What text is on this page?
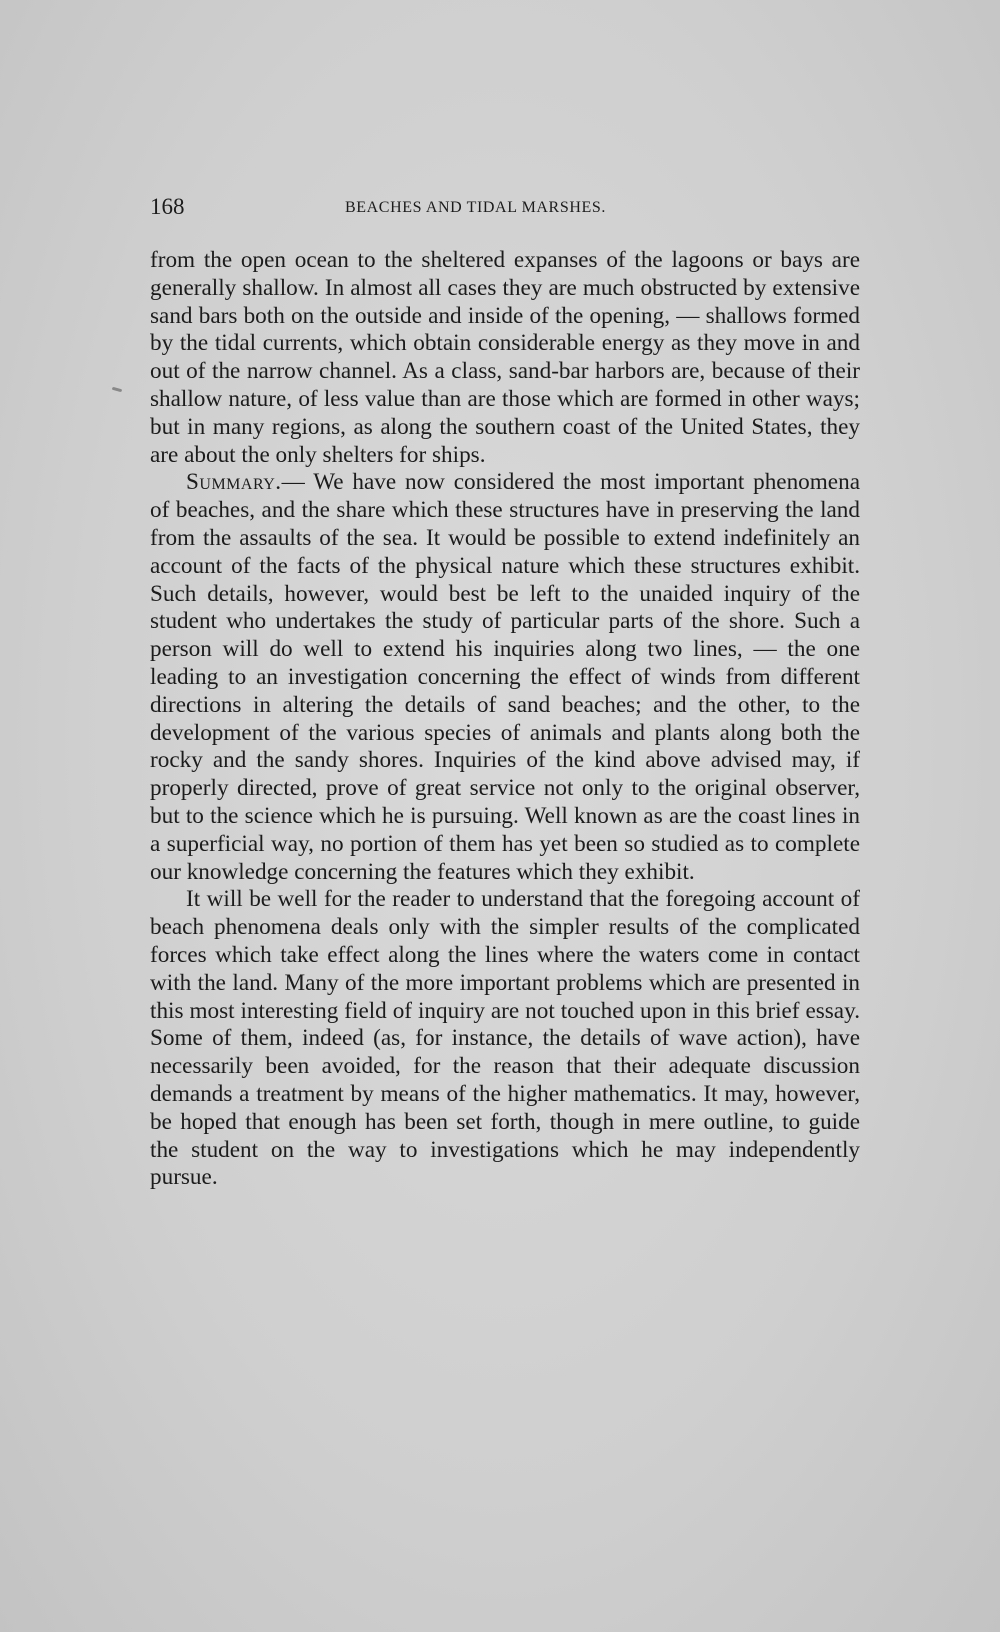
168	BEACHES AND TIDAL MARSHES.

from the open ocean to the sheltered expanses of the lagoons or bays are generally shallow. In almost all cases they are much obstructed by extensive sand bars both on the outside and inside of the opening, — shallows formed by the tidal currents, which obtain considerable energy as they move in and out of the narrow channel. As a class, sand-bar harbors are, because of their shallow nature, of less value than are those which are formed in other ways; but in many regions, as along the southern coast of the United States, they are about the only shelters for ships.

Summary.— We have now considered the most important phenomena of beaches, and the share which these structures have in preserving the land from the assaults of the sea. It would be possible to extend indefinitely an account of the facts of the physical nature which these structures exhibit. Such details, however, would best be left to the unaided inquiry of the student who undertakes the study of particular parts of the shore. Such a person will do well to extend his inquiries along two lines, — the one leading to an investigation concerning the effect of winds from different directions in altering the details of sand beaches; and the other, to the development of the various species of animals and plants along both the rocky and the sandy shores. Inquiries of the kind above advised may, if properly directed, prove of great service not only to the original observer, but to the science which he is pursuing. Well known as are the coast lines in a superficial way, no portion of them has yet been so studied as to complete our knowledge concerning the features which they exhibit.

It will be well for the reader to understand that the foregoing account of beach phenomena deals only with the simpler results of the complicated forces which take effect along the lines where the waters come in contact with the land. Many of the more important problems which are presented in this most interesting field of inquiry are not touched upon in this brief essay. Some of them, indeed (as, for instance, the details of wave action), have necessarily been avoided, for the reason that their adequate discussion demands a treatment by means of the higher mathematics. It may, however, be hoped that enough has been set forth, though in mere outline, to guide the student on the way to investigations which he may independently pursue.
